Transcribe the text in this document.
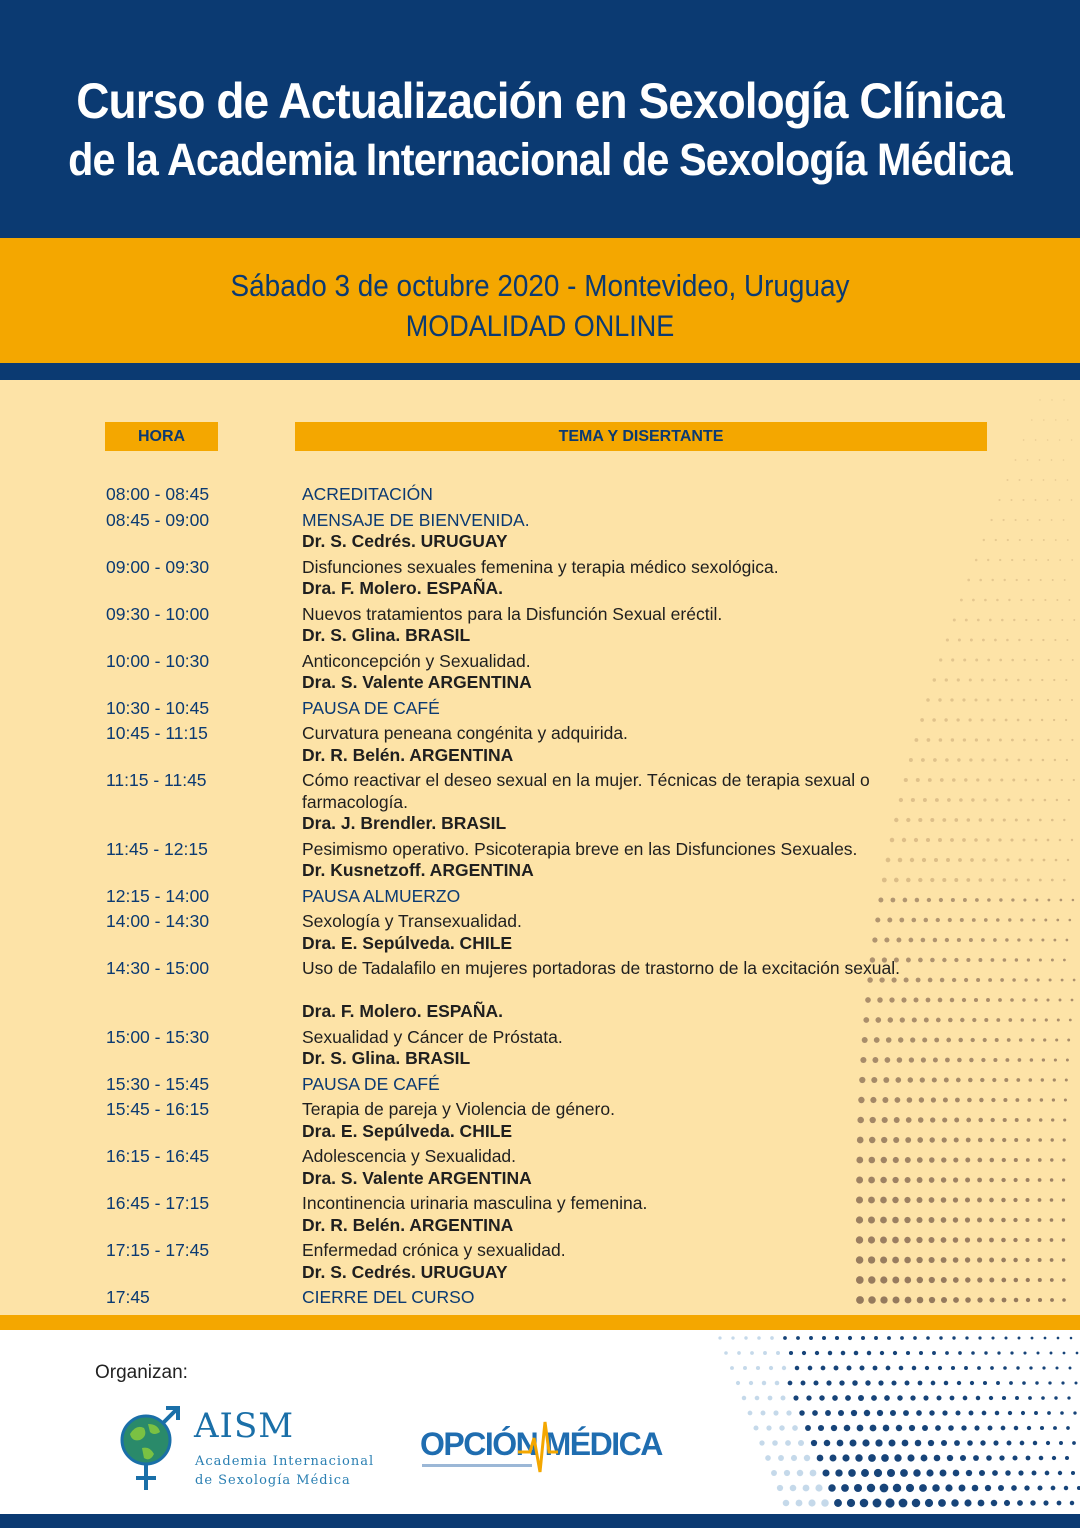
Curso de Actualización en Sexología Clínica
de la Academia Internacional de Sexología Médica
Sábado 3 de octubre 2020 - Montevideo, Uruguay
MODALIDAD ONLINE
HORA	TEMA Y DISERTANTE
08:00 - 08:45	ACREDITACIÓN
08:45 - 09:00	MENSAJE DE BIENVENIDA.
Dr. S. Cedrés. URUGUAY
09:00 - 09:30	Disfunciones sexuales femenina y terapia médico sexológica.
Dra. F. Molero. ESPAÑA.
09:30 - 10:00	Nuevos tratamientos para la Disfunción Sexual eréctil.
Dr. S. Glina. BRASIL
10:00 - 10:30	Anticoncepción y Sexualidad.
Dra. S. Valente ARGENTINA
10:30 - 10:45	PAUSA DE CAFÉ
10:45 - 11:15	Curvatura peneana congénita y adquirida.
Dr. R. Belén. ARGENTINA
11:15 - 11:45	Cómo reactivar el deseo sexual en la mujer. Técnicas de terapia sexual o farmacología.
Dra. J. Brendler. BRASIL
11:45 - 12:15	Pesimismo operativo. Psicoterapia breve en las Disfunciones Sexuales.
Dr. Kusnetzoff. ARGENTINA
12:15 - 14:00	PAUSA ALMUERZO
14:00 - 14:30	Sexología y Transexualidad.
Dra. E. Sepúlveda. CHILE
14:30 - 15:00	Uso de Tadalafilo en mujeres portadoras de trastorno de la excitación sexual.
Dra. F. Molero. ESPAÑA.
15:00 - 15:30	Sexualidad y Cáncer de Próstata.
Dr. S. Glina. BRASIL
15:30 - 15:45	PAUSA DE CAFÉ
15:45 - 16:15	Terapia de pareja y Violencia de género.
Dra. E. Sepúlveda. CHILE
16:15 - 16:45	Adolescencia y Sexualidad.
Dra. S. Valente ARGENTINA
16:45 - 17:15	Incontinencia urinaria masculina y femenina.
Dr. R. Belén. ARGENTINA
17:15 - 17:45	Enfermedad crónica y sexualidad.
Dr. S. Cedrés. URUGUAY
17:45	CIERRE DEL CURSO
Organizan:
AISM
Academia Internacional
de Sexología Médica
OPCIÓN MÉDICA
